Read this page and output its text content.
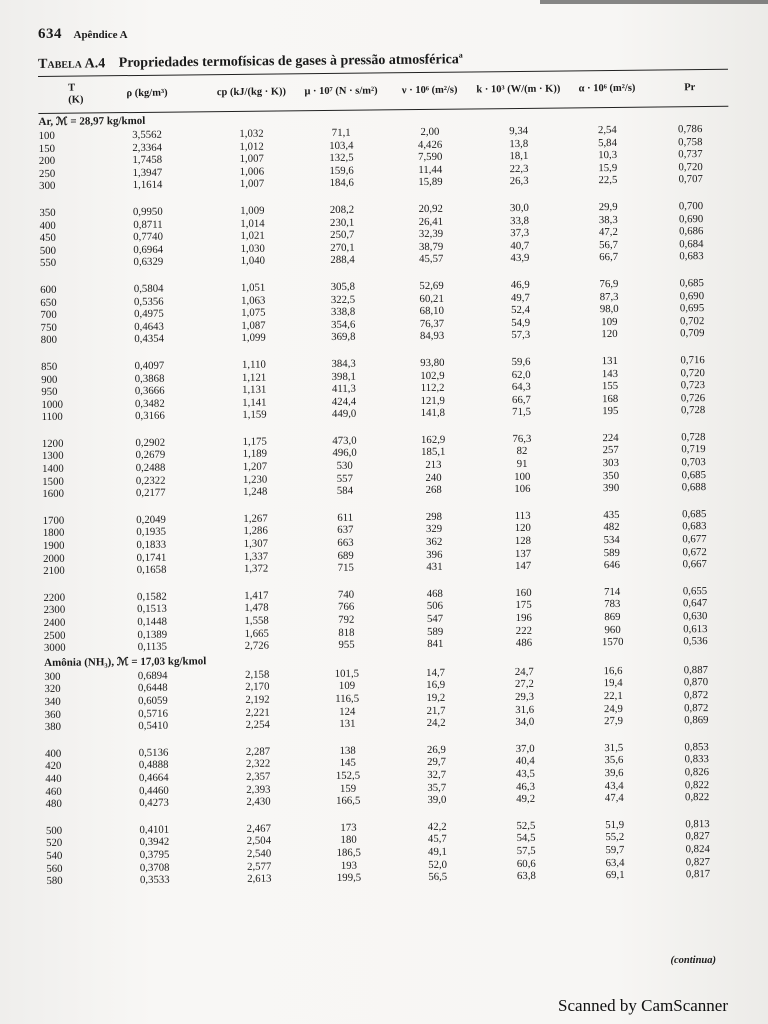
634 Apêndice A
Tabela A.4 Propriedades termofísicas de gases à pressão atmosférica$^a$
T (K)
ρ (kg/m³)	cp (kJ/(kg · K))	μ · 10⁷ (N · s/m²)	ν · 10⁶ (m²/s)	k · 10³ (W/(m · K))	α · 10⁶ (m²/s)	Pr
Ar, ℳ = 28,97 kg/kmol
100	3,5562	1,032	71,1	2,00	9,34	2,54	0,786
150	2,3364	1,012	103,4	4,426	13,8	5,84	0,758
200	1,7458	1,007	132,5	7,590	18,1	10,3	0,737
250	1,3947	1,006	159,6	11,44	22,3	15,9	0,720
300	1,1614	1,007	184,6	15,89	26,3	22,5	0,707
350	0,9950	1,009	208,2	20,92	30,0	29,9	0,700
400	0,8711	1,014	230,1	26,41	33,8	38,3	0,690
450	0,7740	1,021	250,7	32,39	37,3	47,2	0,686
500	0,6964	1,030	270,1	38,79	40,7	56,7	0,684
550	0,6329	1,040	288,4	45,57	43,9	66,7	0,683
600	0,5804	1,051	305,8	52,69	46,9	76,9	0,685
650	0,5356	1,063	322,5	60,21	49,7	87,3	0,690
700	0,4975	1,075	338,8	68,10	52,4	98,0	0,695
750	0,4643	1,087	354,6	76,37	54,9	109	0,702
800	0,4354	1,099	369,8	84,93	57,3	120	0,709
850	0,4097	1,110	384,3	93,80	59,6	131	0,716
900	0,3868	1,121	398,1	102,9	62,0	143	0,720
950	0,3666	1,131	411,3	112,2	64,3	155	0,723
1000	0,3482	1,141	424,4	121,9	66,7	168	0,726
1100	0,3166	1,159	449,0	141,8	71,5	195	0,728
1200	0,2902	1,175	473,0	162,9	76,3	224	0,728
1300	0,2679	1,189	496,0	185,1	82	257	0,719
1400	0,2488	1,207	530	213	91	303	0,703
1500	0,2322	1,230	557	240	100	350	0,685
1600	0,2177	1,248	584	268	106	390	0,688
1700	0,2049	1,267	611	298	113	435	0,685
1800	0,1935	1,286	637	329	120	482	0,683
1900	0,1833	1,307	663	362	128	534	0,677
2000	0,1741	1,337	689	396	137	589	0,672
2100	0,1658	1,372	715	431	147	646	0,667
2200	0,1582	1,417	740	468	160	714	0,655
2300	0,1513	1,478	766	506	175	783	0,647
2400	0,1448	1,558	792	547	196	869	0,630
2500	0,1389	1,665	818	589	222	960	0,613
3000	0,1135	2,726	955	841	486	1570	0,536
Amônia (NH₃), ℳ = 17,03 kg/kmol
300	0,6894	2,158	101,5	14,7	24,7	16,6	0,887
320	0,6448	2,170	109	16,9	27,2	19,4	0,870
340	0,6059	2,192	116,5	19,2	29,3	22,1	0,872
360	0,5716	2,221	124	21,7	31,6	24,9	0,872
380	0,5410	2,254	131	24,2	34,0	27,9	0,869
400	0,5136	2,287	138	26,9	37,0	31,5	0,853
420	0,4888	2,322	145	29,7	40,4	35,6	0,833
440	0,4664	2,357	152,5	32,7	43,5	39,6	0,826
460	0,4460	2,393	159	35,7	46,3	43,4	0,822
480	0,4273	2,430	166,5	39,0	49,2	47,4	0,822
500	0,4101	2,467	173	42,2	52,5	51,9	0,813
520	0,3942	2,504	180	45,7	54,5	55,2	0,827
540	0,3795	2,540	186,5	49,1	57,5	59,7	0,824
560	0,3708	2,577	193	52,0	60,6	63,4	0,827
580	0,3533	2,613	199,5	56,5	63,8	69,1	0,817
(continua)
Scanned by CamScanner
